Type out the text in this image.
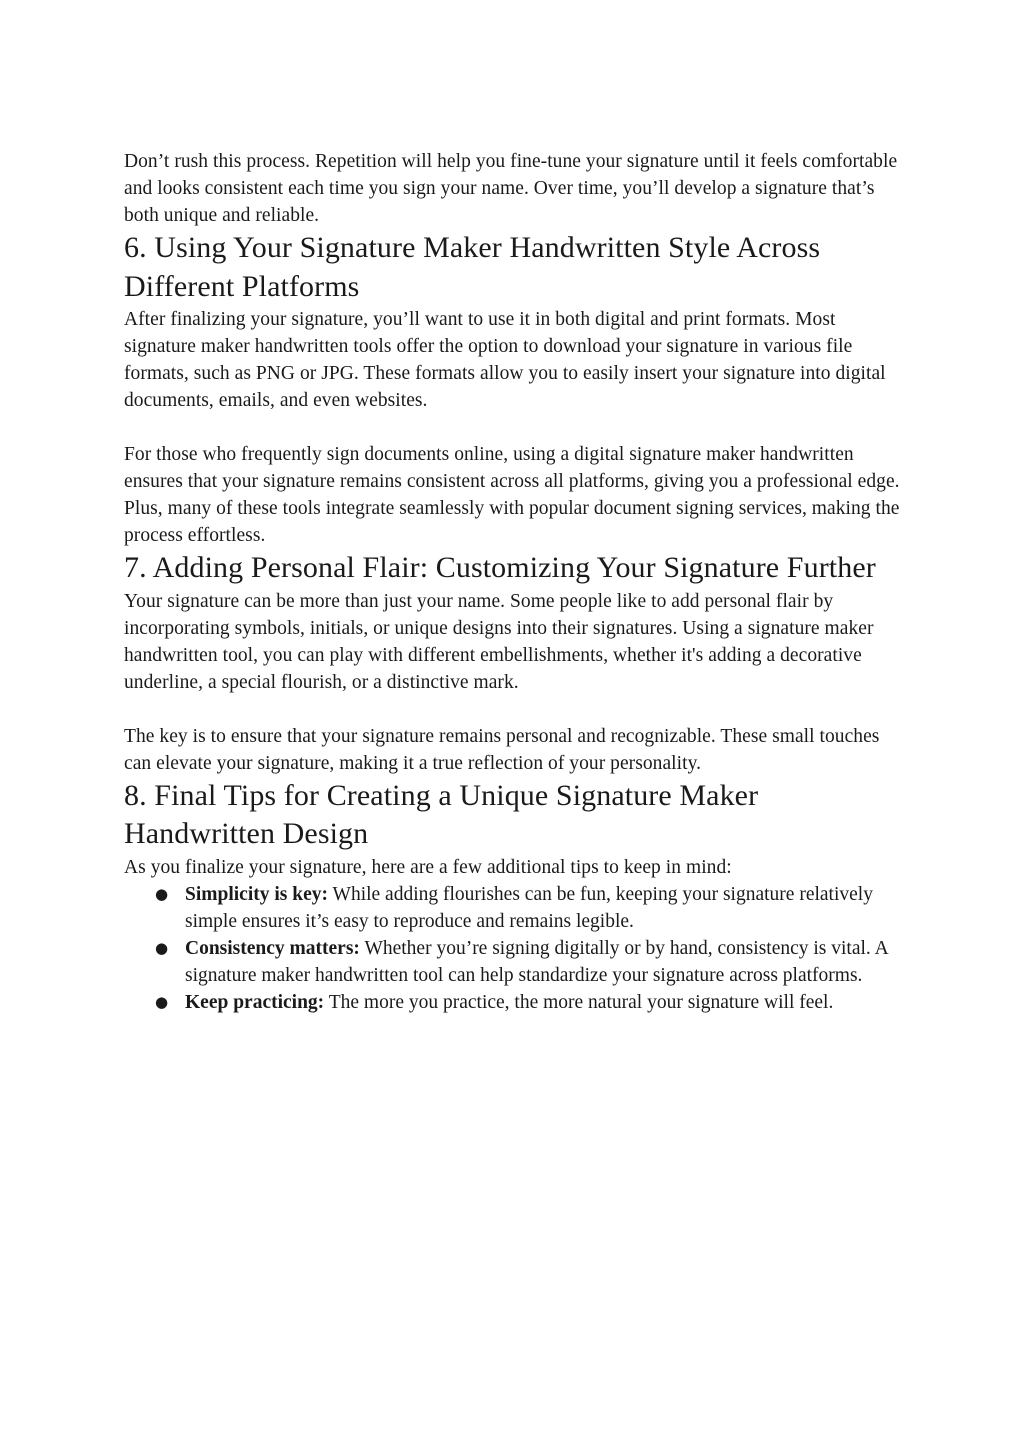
Don’t rush this process. Repetition will help you fine-tune your signature until it feels comfortable and looks consistent each time you sign your name. Over time, you’ll develop a signature that’s both unique and reliable.

6. Using Your Signature Maker Handwritten Style Across Different Platforms

After finalizing your signature, you’ll want to use it in both digital and print formats. Most signature maker handwritten tools offer the option to download your signature in various file formats, such as PNG or JPG. These formats allow you to easily insert your signature into digital documents, emails, and even websites.

For those who frequently sign documents online, using a digital signature maker handwritten ensures that your signature remains consistent across all platforms, giving you a professional edge. Plus, many of these tools integrate seamlessly with popular document signing services, making the process effortless.

7. Adding Personal Flair: Customizing Your Signature Further

Your signature can be more than just your name. Some people like to add personal flair by incorporating symbols, initials, or unique designs into their signatures. Using a signature maker handwritten tool, you can play with different embellishments, whether it's adding a decorative underline, a special flourish, or a distinctive mark.

The key is to ensure that your signature remains personal and recognizable. These small touches can elevate your signature, making it a true reflection of your personality.

8. Final Tips for Creating a Unique Signature Maker Handwritten Design

As you finalize your signature, here are a few additional tips to keep in mind:

● Simplicity is key: While adding flourishes can be fun, keeping your signature relatively simple ensures it’s easy to reproduce and remains legible.
● Consistency matters: Whether you’re signing digitally or by hand, consistency is vital. A signature maker handwritten tool can help standardize your signature across platforms.
● Keep practicing: The more you practice, the more natural your signature will feel.
